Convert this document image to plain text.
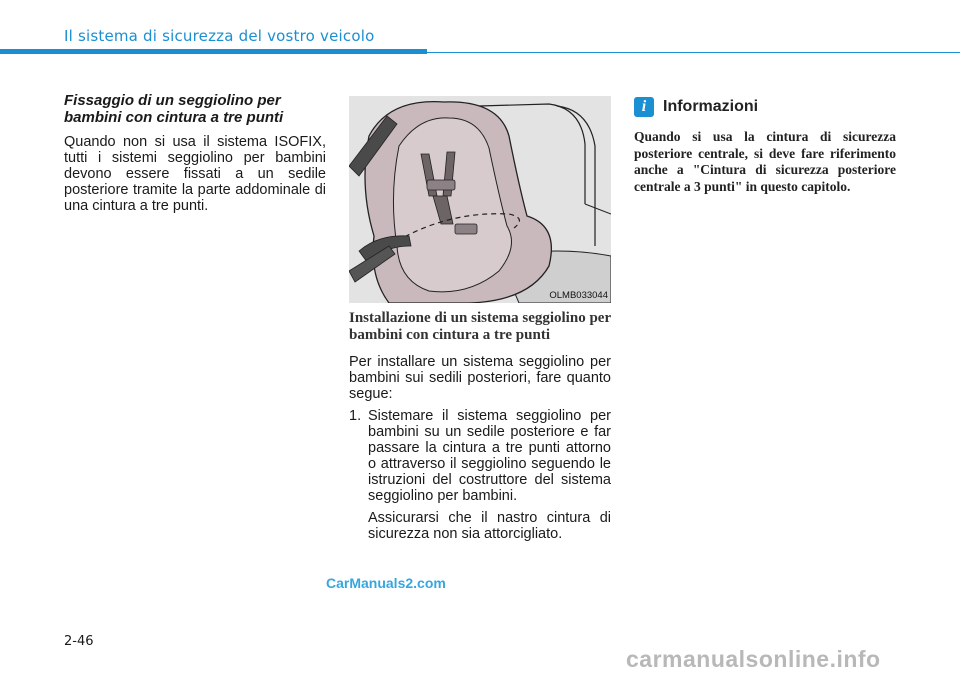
Il sistema di sicurezza del vostro veicolo
Fissaggio di un seggiolino per bambini con cintura a tre punti

Quando non si usa il sistema ISOFIX, tutti i sistemi seggiolino per bambini devono essere fissati a un sedile posteriore tramite la parte addominale di una cintura a tre punti.

OLMB033044
Installazione di un sistema seggiolino per bambini con cintura a tre punti

Per installare un sistema seggiolino per bambini sui sedili posteriori, fare quanto segue:

1. Sistemare il sistema seggiolino per bambini su un sedile posteriore e far passare la cintura a tre punti attorno o attraverso il seggiolino seguendo le istruzioni del costruttore del sistema seggiolino per bambini.
Assicurarsi che il nastro cintura di sicurezza non sia attorcigliato.
i	Informazioni

Quando si usa la cintura di sicurezza posteriore centrale, si deve fare riferimento anche a "Cintura di sicurezza posteriore centrale a 3 punti" in questo capitolo.

CarManuals2.com
2-46
carmanualsonline.info
